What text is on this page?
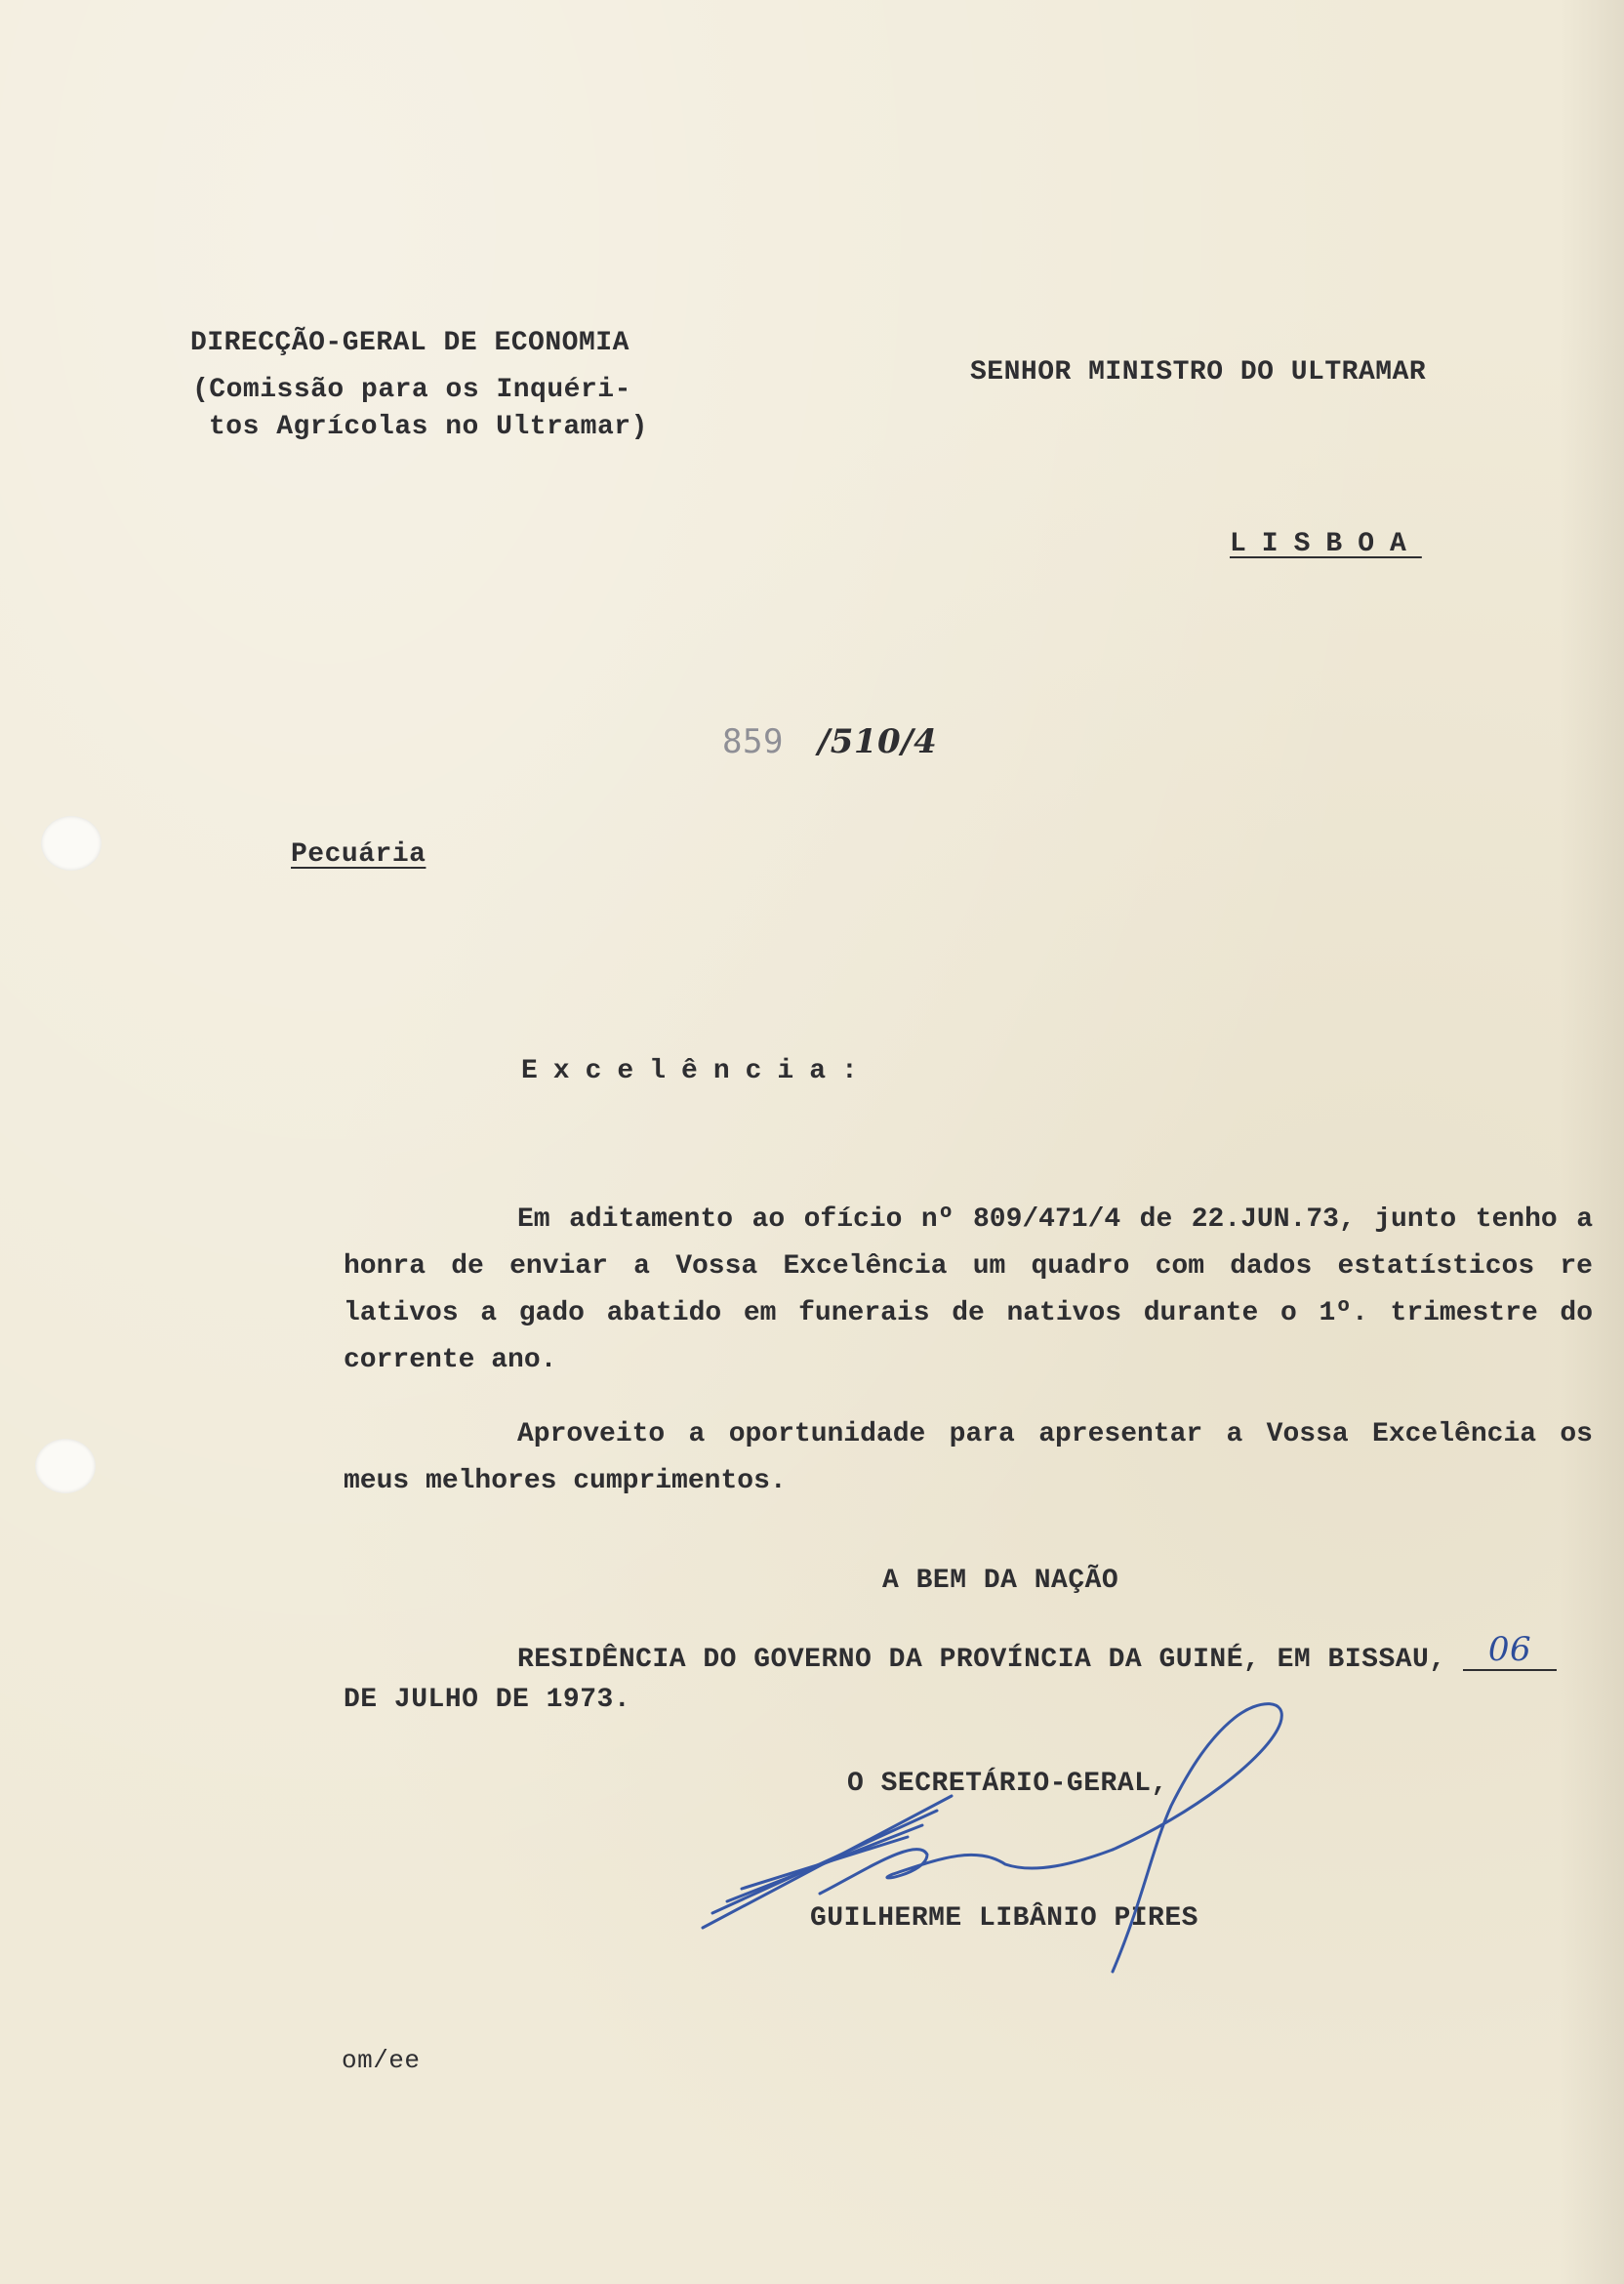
DIRECÇÃO-GERAL DE ECONOMIA
(Comissão para os Inquéri-
tos Agrícolas no Ultramar)
SENHOR MINISTRO DO ULTRAMAR
LISBOA
859 /510/4
Pecuária
Excelência:
Em aditamento ao ofício nº 809/471/4 de 22.JUN.73, junto tenho a honra de enviar a Vossa Excelência um quadro com dados estatísticos re lativos a gado abatido em funerais de nativos durante o 1º. trimestre do corrente ano.
Aproveito a oportunidade para apresentar a Vossa Excelência os meus melhores cumprimentos.
A BEM DA NAÇÃO
RESIDÊNCIA DO GOVERNO DA PROVÍNCIA DA GUINÉ, EM BISSAU, 06
DE JULHO DE 1973.
O SECRETÁRIO-GERAL,
GUILHERME LIBÂNIO PIRES
om/ee
